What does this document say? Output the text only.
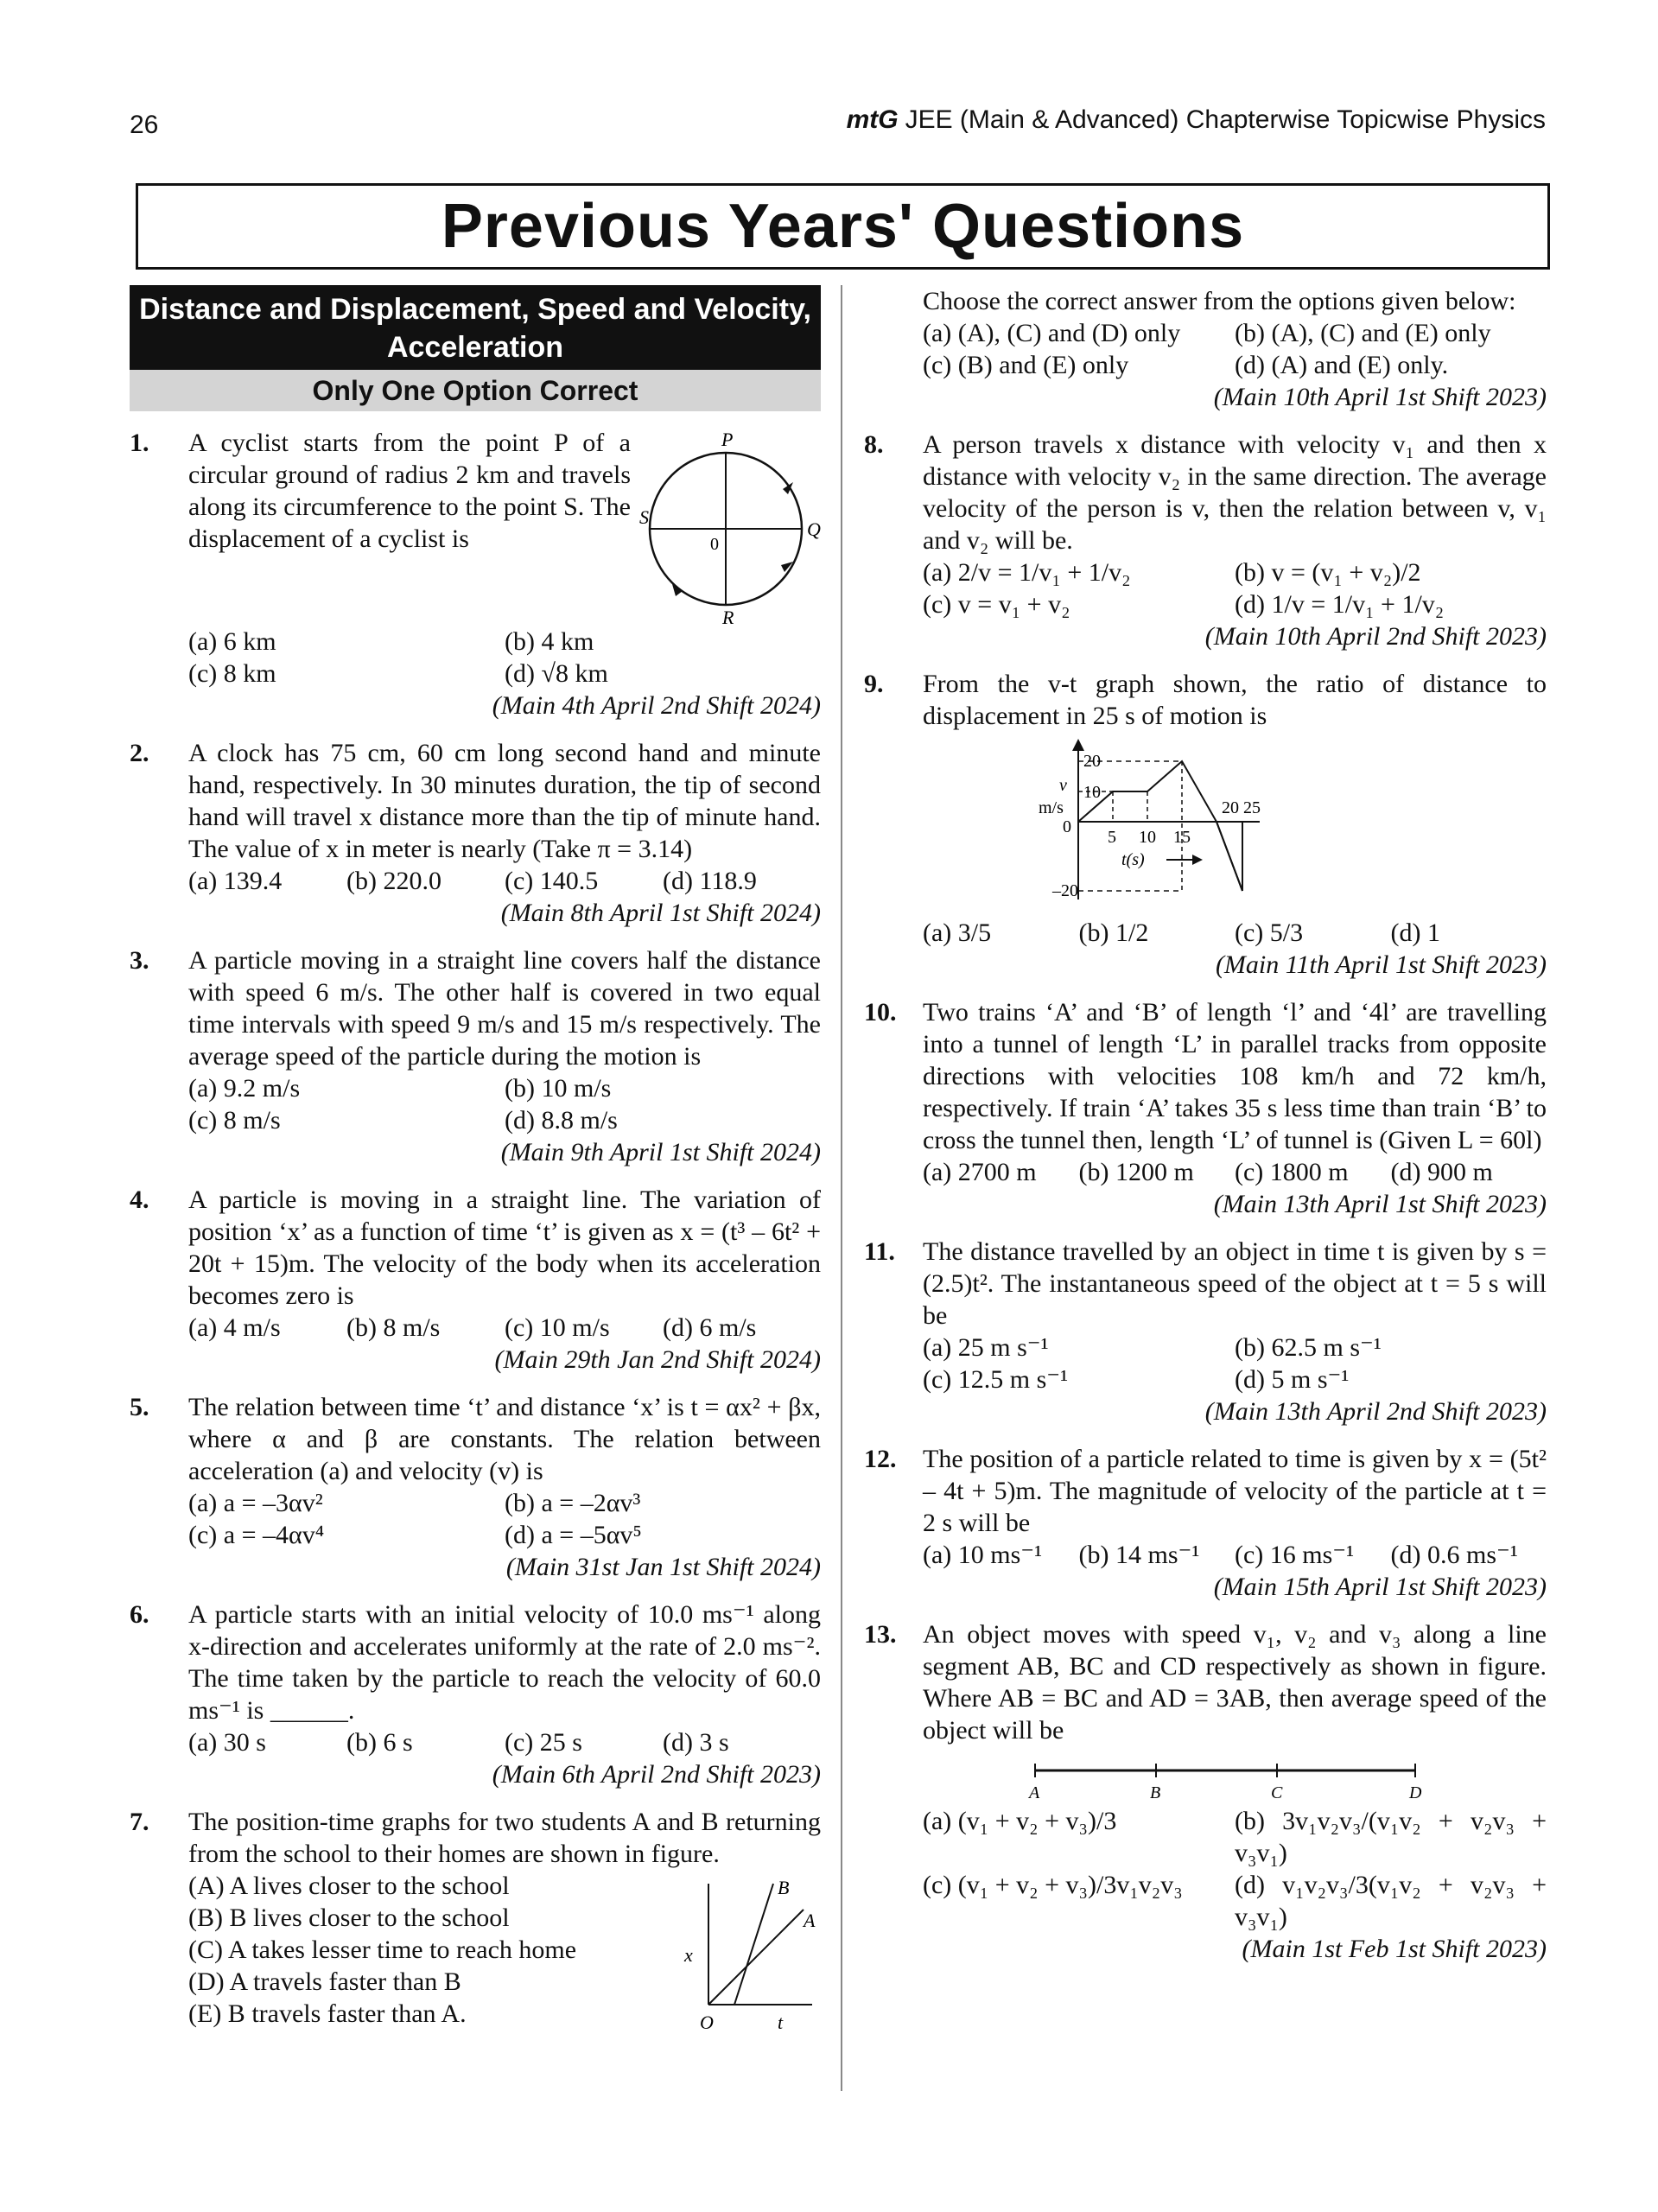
26	mtG JEE (Main & Advanced) Chapterwise Topicwise Physics
Previous Years' Questions
Distance and Displacement, Speed and Velocity, Acceleration
Only One Option Correct
1.	P
Q
R
S
0
A cyclist starts from the point P of a circular ground of radius 2 km and travels along its circumference to the point S. The displacement of a cyclist is
(a) 6 km	(b) 4 km
(c) 8 km	(d) √8 km
(Main 4th April 2nd Shift 2024)
2. A clock has 75 cm, 60 cm long second hand and minute hand, respectively. In 30 minutes duration, the tip of second hand will travel x distance more than the tip of minute hand. The value of x in meter is nearly (Take π = 3.14)
(a) 139.4	(b) 220.0	(c) 140.5	(d) 118.9
(Main 8th April 1st Shift 2024)
3. A particle moving in a straight line covers half the distance with speed 6 m/s. The other half is covered in two equal time intervals with speed 9 m/s and 15 m/s respectively. The average speed of the particle during the motion is
(a) 9.2 m/s	(b) 10 m/s
(c) 8 m/s	(d) 8.8 m/s
(Main 9th April 1st Shift 2024)
4. A particle is moving in a straight line. The variation of position ‘x’ as a function of time ‘t’ is given as x = (t³ – 6t² + 20t + 15)m. The velocity of the body when its acceleration becomes zero is
(a) 4 m/s	(b) 8 m/s	(c) 10 m/s	(d) 6 m/s
(Main 29th Jan 2nd Shift 2024)
5. The relation between time ‘t’ and distance ‘x’ is t = αx² + βx, where α and β are constants. The relation between acceleration (a) and velocity (v) is
(a) a = –3αv²	(b) a = –2αv³
(c) a = –4αv⁴	(d) a = –5αv⁵
(Main 31st Jan 1st Shift 2024)
6. A particle starts with an initial velocity of 10.0 ms⁻¹ along x-direction and accelerates uniformly at the rate of 2.0 ms⁻². The time taken by the particle to reach the velocity of 60.0 ms⁻¹ is ______.
(a) 30 s	(b) 6 s	(c) 25 s	(d) 3 s
(Main 6th April 2nd Shift 2023)
7. The position-time graphs for two students A and B returning from the school to their homes are shown in figure.
B
A
x
O	t
(A) A lives closer to the school
(B) B lives closer to the school
(C) A takes lesser time to reach home
(D) A travels faster than B
(E) B travels faster than A.
Choose the correct answer from the options given below:
(a) (A), (C) and (D) only	(b) (A), (C) and (E) only
(c) (B) and (E) only	(d) (A) and (E) only.
(Main 10th April 1st Shift 2023)
8. A person travels x distance with velocity v₁ and then x distance with velocity v₂ in the same direction. The average velocity of the person is v, then the relation between v, v₁ and v₂ will be.
(a) 2/v = 1/v₁ + 1/v₂	(b) v = (v₁ + v₂)/2
(c) v = v₁ + v₂	(d) 1/v = 1/v₁ + 1/v₂
(Main 10th April 2nd Shift 2023)
9. From the v-t graph shown, the ratio of distance to displacement in 25 s of motion is
20
10
0
–20
v
m/s
5 10 15
20 25
t(s)
(a) 3/5	(b) 1/2	(c) 5/3	(d) 1
(Main 11th April 1st Shift 2023)
10. Two trains ‘A’ and ‘B’ of length ‘l’ and ‘4l’ are travelling into a tunnel of length ‘L’ in parallel tracks from opposite directions with velocities 108 km/h and 72 km/h, respectively. If train ‘A’ takes 35 s less time than train ‘B’ to cross the tunnel then, length ‘L’ of tunnel is (Given L = 60l)
(a) 2700 m	(b) 1200 m	(c) 1800 m	(d) 900 m
(Main 13th April 1st Shift 2023)
11. The distance travelled by an object in time t is given by s = (2.5)t². The instantaneous speed of the object at t = 5 s will be
(a) 25 m s⁻¹	(b) 62.5 m s⁻¹
(c) 12.5 m s⁻¹	(d) 5 m s⁻¹
(Main 13th April 2nd Shift 2023)
12. The position of a particle related to time is given by x = (5t² – 4t + 5)m. The magnitude of velocity of the particle at t = 2 s will be
(a) 10 ms⁻¹	(b) 14 ms⁻¹	(c) 16 ms⁻¹	(d) 0.6 ms⁻¹
(Main 15th April 1st Shift 2023)
13. An object moves with speed v₁, v₂ and v₃ along a line segment AB, BC and CD respectively as shown in figure. Where AB = BC and AD = 3AB, then average speed of the object will be
A	B	C	D
(a) (v₁ + v₂ + v₃)/3	(b) 3v₁v₂v₃/(v₁v₂ + v₂v₃ + v₃v₁)
(c) (v₁ + v₂ + v₃)/3v₁v₂v₃	(d) v₁v₂v₃/3(v₁v₂ + v₂v₃ + v₃v₁)
(Main 1st Feb 1st Shift 2023)
